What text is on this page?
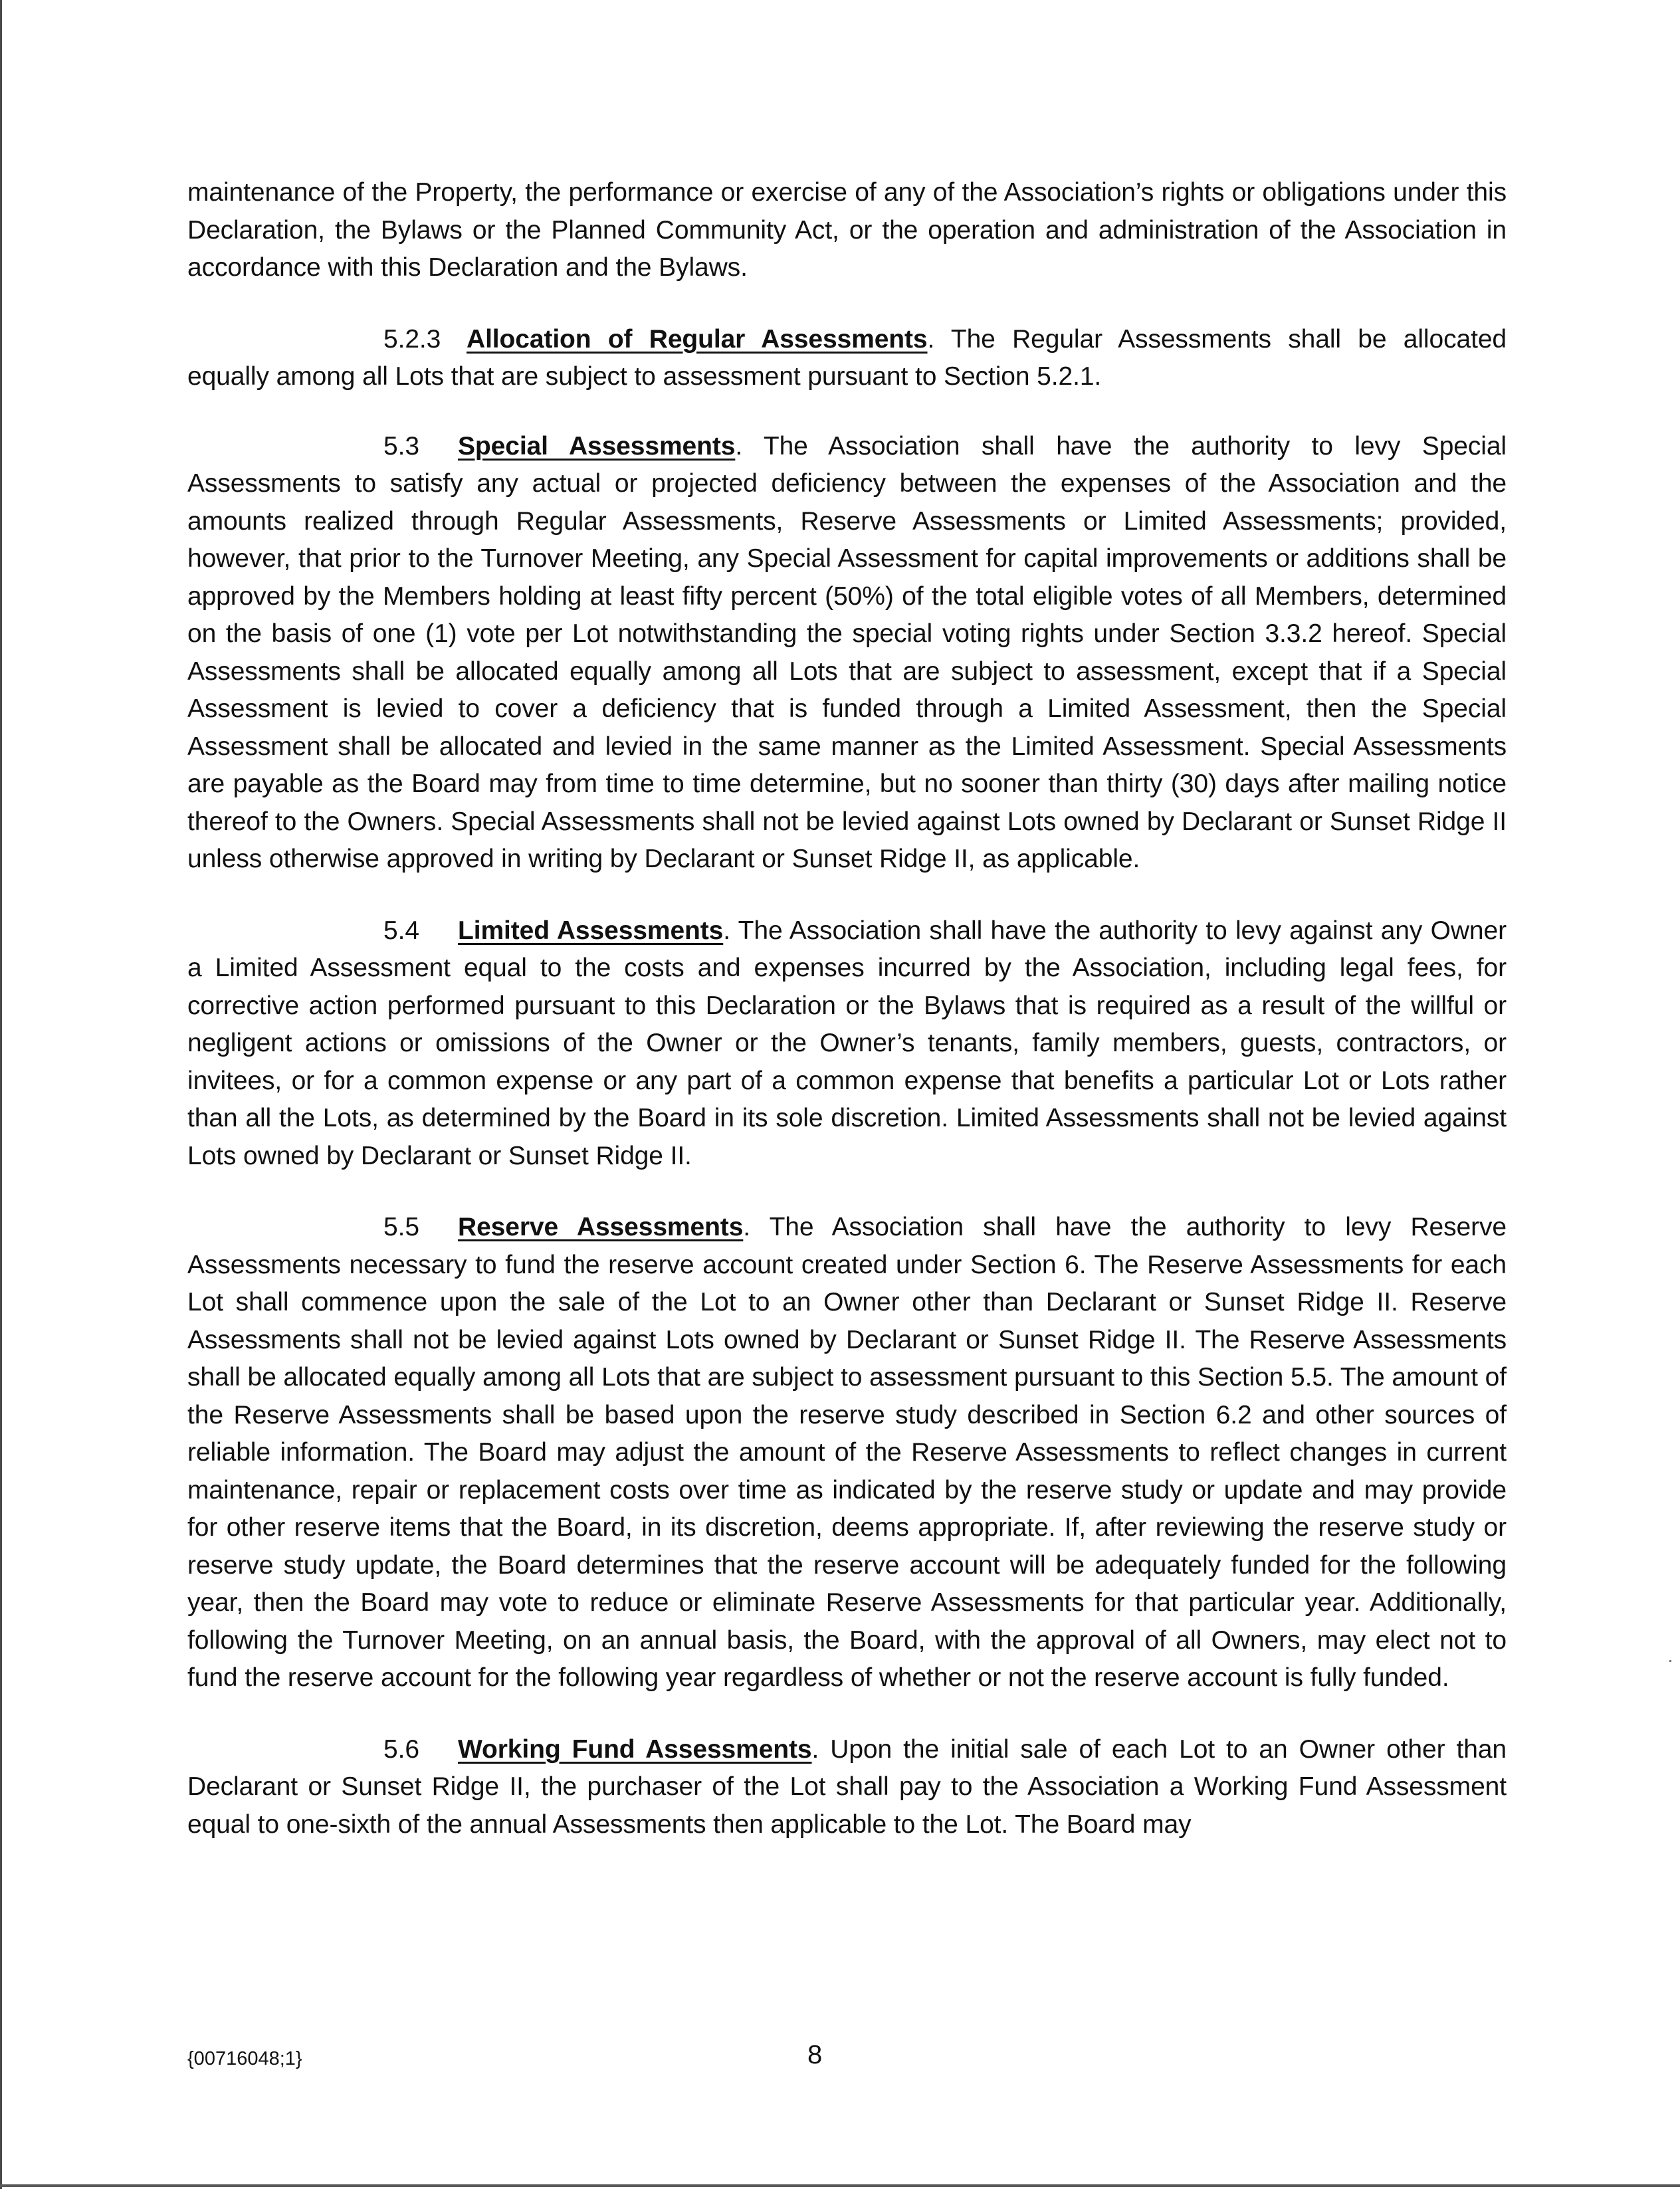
maintenance of the Property, the performance or exercise of any of the Association’s rights or obligations under this Declaration, the Bylaws or the Planned Community Act, or the operation and administration of the Association in accordance with this Declaration and the Bylaws.

5.2.3 Allocation of Regular Assessments. The Regular Assessments shall be allocated equally among all Lots that are subject to assessment pursuant to Section 5.2.1.

5.3 Special Assessments. The Association shall have the authority to levy Special Assessments to satisfy any actual or projected deficiency between the expenses of the Association and the amounts realized through Regular Assessments, Reserve Assessments or Limited Assessments; provided, however, that prior to the Turnover Meeting, any Special Assessment for capital improvements or additions shall be approved by the Members holding at least fifty percent (50%) of the total eligible votes of all Members, determined on the basis of one (1) vote per Lot notwithstanding the special voting rights under Section 3.3.2 hereof. Special Assessments shall be allocated equally among all Lots that are subject to assessment, except that if a Special Assessment is levied to cover a deficiency that is funded through a Limited Assessment, then the Special Assessment shall be allocated and levied in the same manner as the Limited Assessment. Special Assessments are payable as the Board may from time to time determine, but no sooner than thirty (30) days after mailing notice thereof to the Owners. Special Assessments shall not be levied against Lots owned by Declarant or Sunset Ridge II unless otherwise approved in writing by Declarant or Sunset Ridge II, as applicable.

5.4 Limited Assessments. The Association shall have the authority to levy against any Owner a Limited Assessment equal to the costs and expenses incurred by the Association, including legal fees, for corrective action performed pursuant to this Declaration or the Bylaws that is required as a result of the willful or negligent actions or omissions of the Owner or the Owner’s tenants, family members, guests, contractors, or invitees, or for a common expense or any part of a common expense that benefits a particular Lot or Lots rather than all the Lots, as determined by the Board in its sole discretion. Limited Assessments shall not be levied against Lots owned by Declarant or Sunset Ridge II.

5.5 Reserve Assessments. The Association shall have the authority to levy Reserve Assessments necessary to fund the reserve account created under Section 6. The Reserve Assessments for each Lot shall commence upon the sale of the Lot to an Owner other than Declarant or Sunset Ridge II. Reserve Assessments shall not be levied against Lots owned by Declarant or Sunset Ridge II. The Reserve Assessments shall be allocated equally among all Lots that are subject to assessment pursuant to this Section 5.5. The amount of the Reserve Assessments shall be based upon the reserve study described in Section 6.2 and other sources of reliable information. The Board may adjust the amount of the Reserve Assessments to reflect changes in current maintenance, repair or replacement costs over time as indicated by the reserve study or update and may provide for other reserve items that the Board, in its discretion, deems appropriate. If, after reviewing the reserve study or reserve study update, the Board determines that the reserve account will be adequately funded for the following year, then the Board may vote to reduce or eliminate Reserve Assessments for that particular year. Additionally, following the Turnover Meeting, on an annual basis, the Board, with the approval of all Owners, may elect not to fund the reserve account for the following year regardless of whether or not the reserve account is fully funded.

5.6 Working Fund Assessments. Upon the initial sale of each Lot to an Owner other than Declarant or Sunset Ridge II, the purchaser of the Lot shall pay to the Association a Working Fund Assessment equal to one-sixth of the annual Assessments then applicable to the Lot. The Board may

{00716048;1}	8
